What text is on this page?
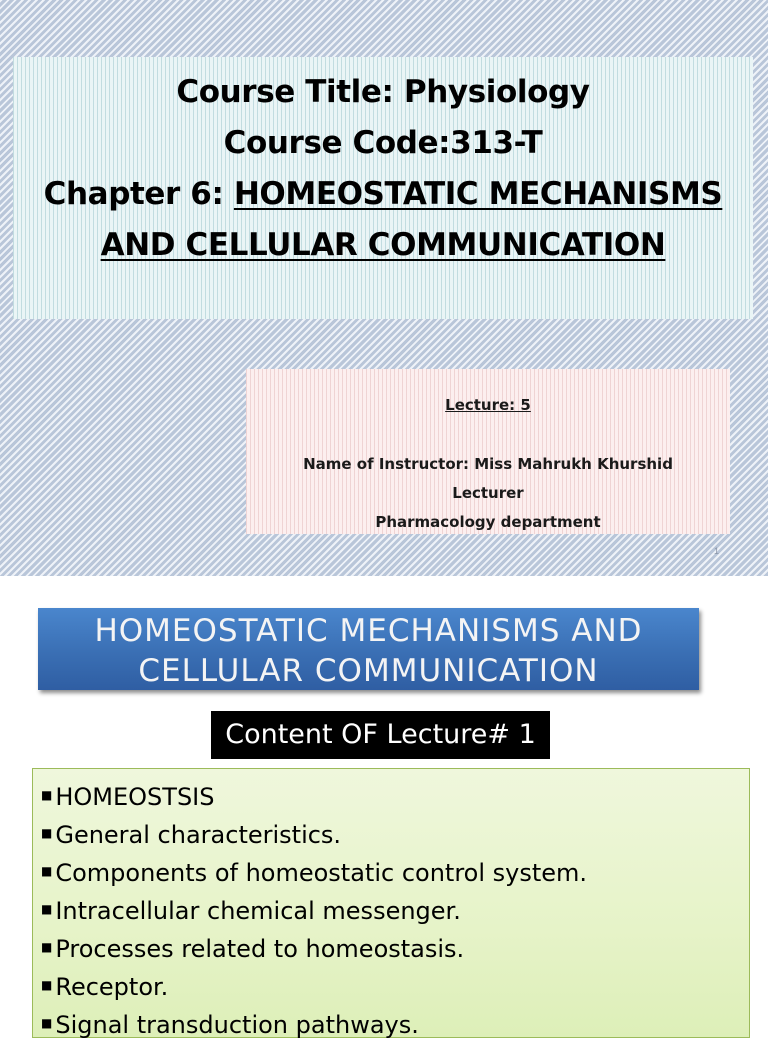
Course Title: Physiology
Course Code:313-T
Chapter 6: HOMEOSTATIC MECHANISMS
AND CELLULAR COMMUNICATION
Lecture: 5
Name of Instructor: Miss Mahrukh Khurshid
Lecturer
Pharmacology department
1
HOMEOSTATIC MECHANISMS AND
CELLULAR COMMUNICATION
Content OF Lecture# 1
■ HOMEOSTSIS
■ General characteristics.
■ Components of homeostatic control system.
■ Intracellular chemical messenger.
■ Processes related to homeostasis.
■ Receptor.
■ Signal transduction pathways.
